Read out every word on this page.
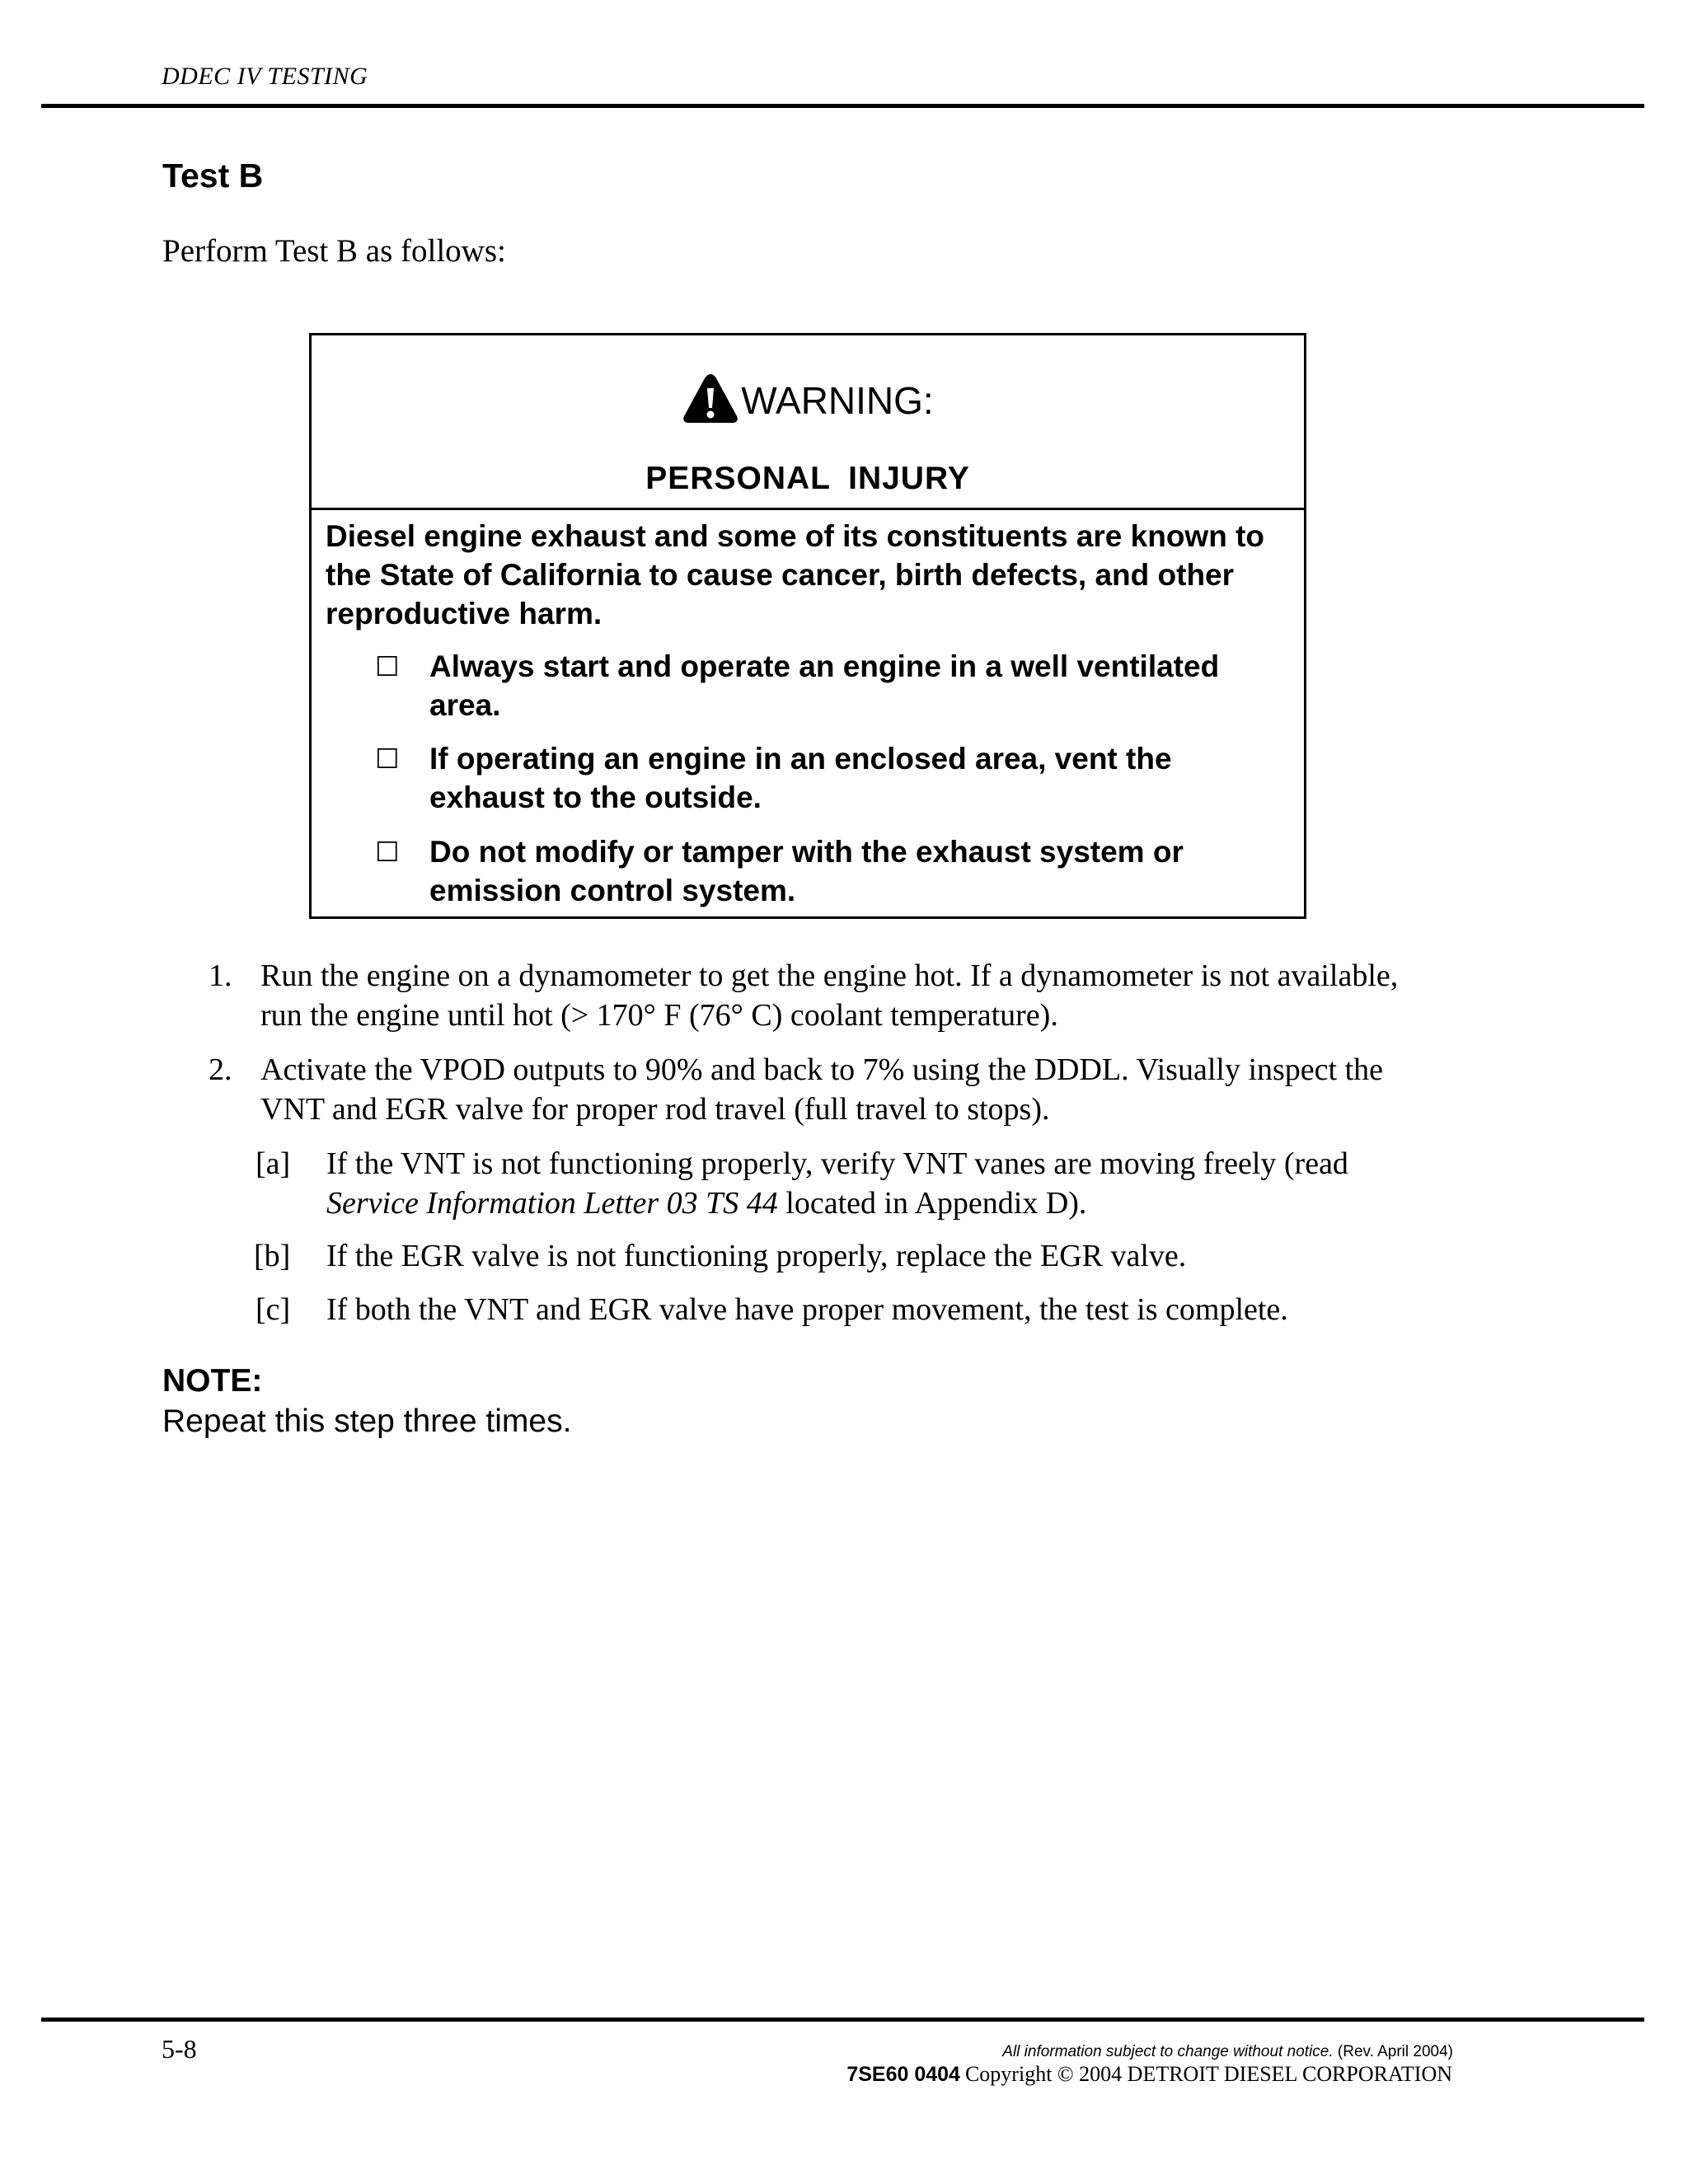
DDEC IV TESTING
Test B
Perform Test B as follows:
WARNING:
PERSONAL INJURY
Diesel engine exhaust and some of its constituents are known to the State of California to cause cancer, birth defects, and other reproductive harm.
☐ Always start and operate an engine in a well ventilated
area.
☐ If operating an engine in an enclosed area, vent the
exhaust to the outside.
☐ Do not modify or tamper with the exhaust system or
emission control system.
1. Run the engine on a dynamometer to get the engine hot. If a dynamometer is not available,
run the engine until hot (> 170° F (76° C) coolant temperature).
2. Activate the VPOD outputs to 90% and back to 7% using the DDDL. Visually inspect the
VNT and EGR valve for proper rod travel (full travel to stops).
[a] If the VNT is not functioning properly, verify VNT vanes are moving freely (read
Service Information Letter 03 TS 44 located in Appendix D).
[b] If the EGR valve is not functioning properly, replace the EGR valve.
[c] If both the VNT and EGR valve have proper movement, the test is complete.
NOTE:
Repeat this step three times.
5-8	All information subject to change without notice. (Rev. April 2004)
7SE60 0404 Copyright © 2004 DETROIT DIESEL CORPORATION
